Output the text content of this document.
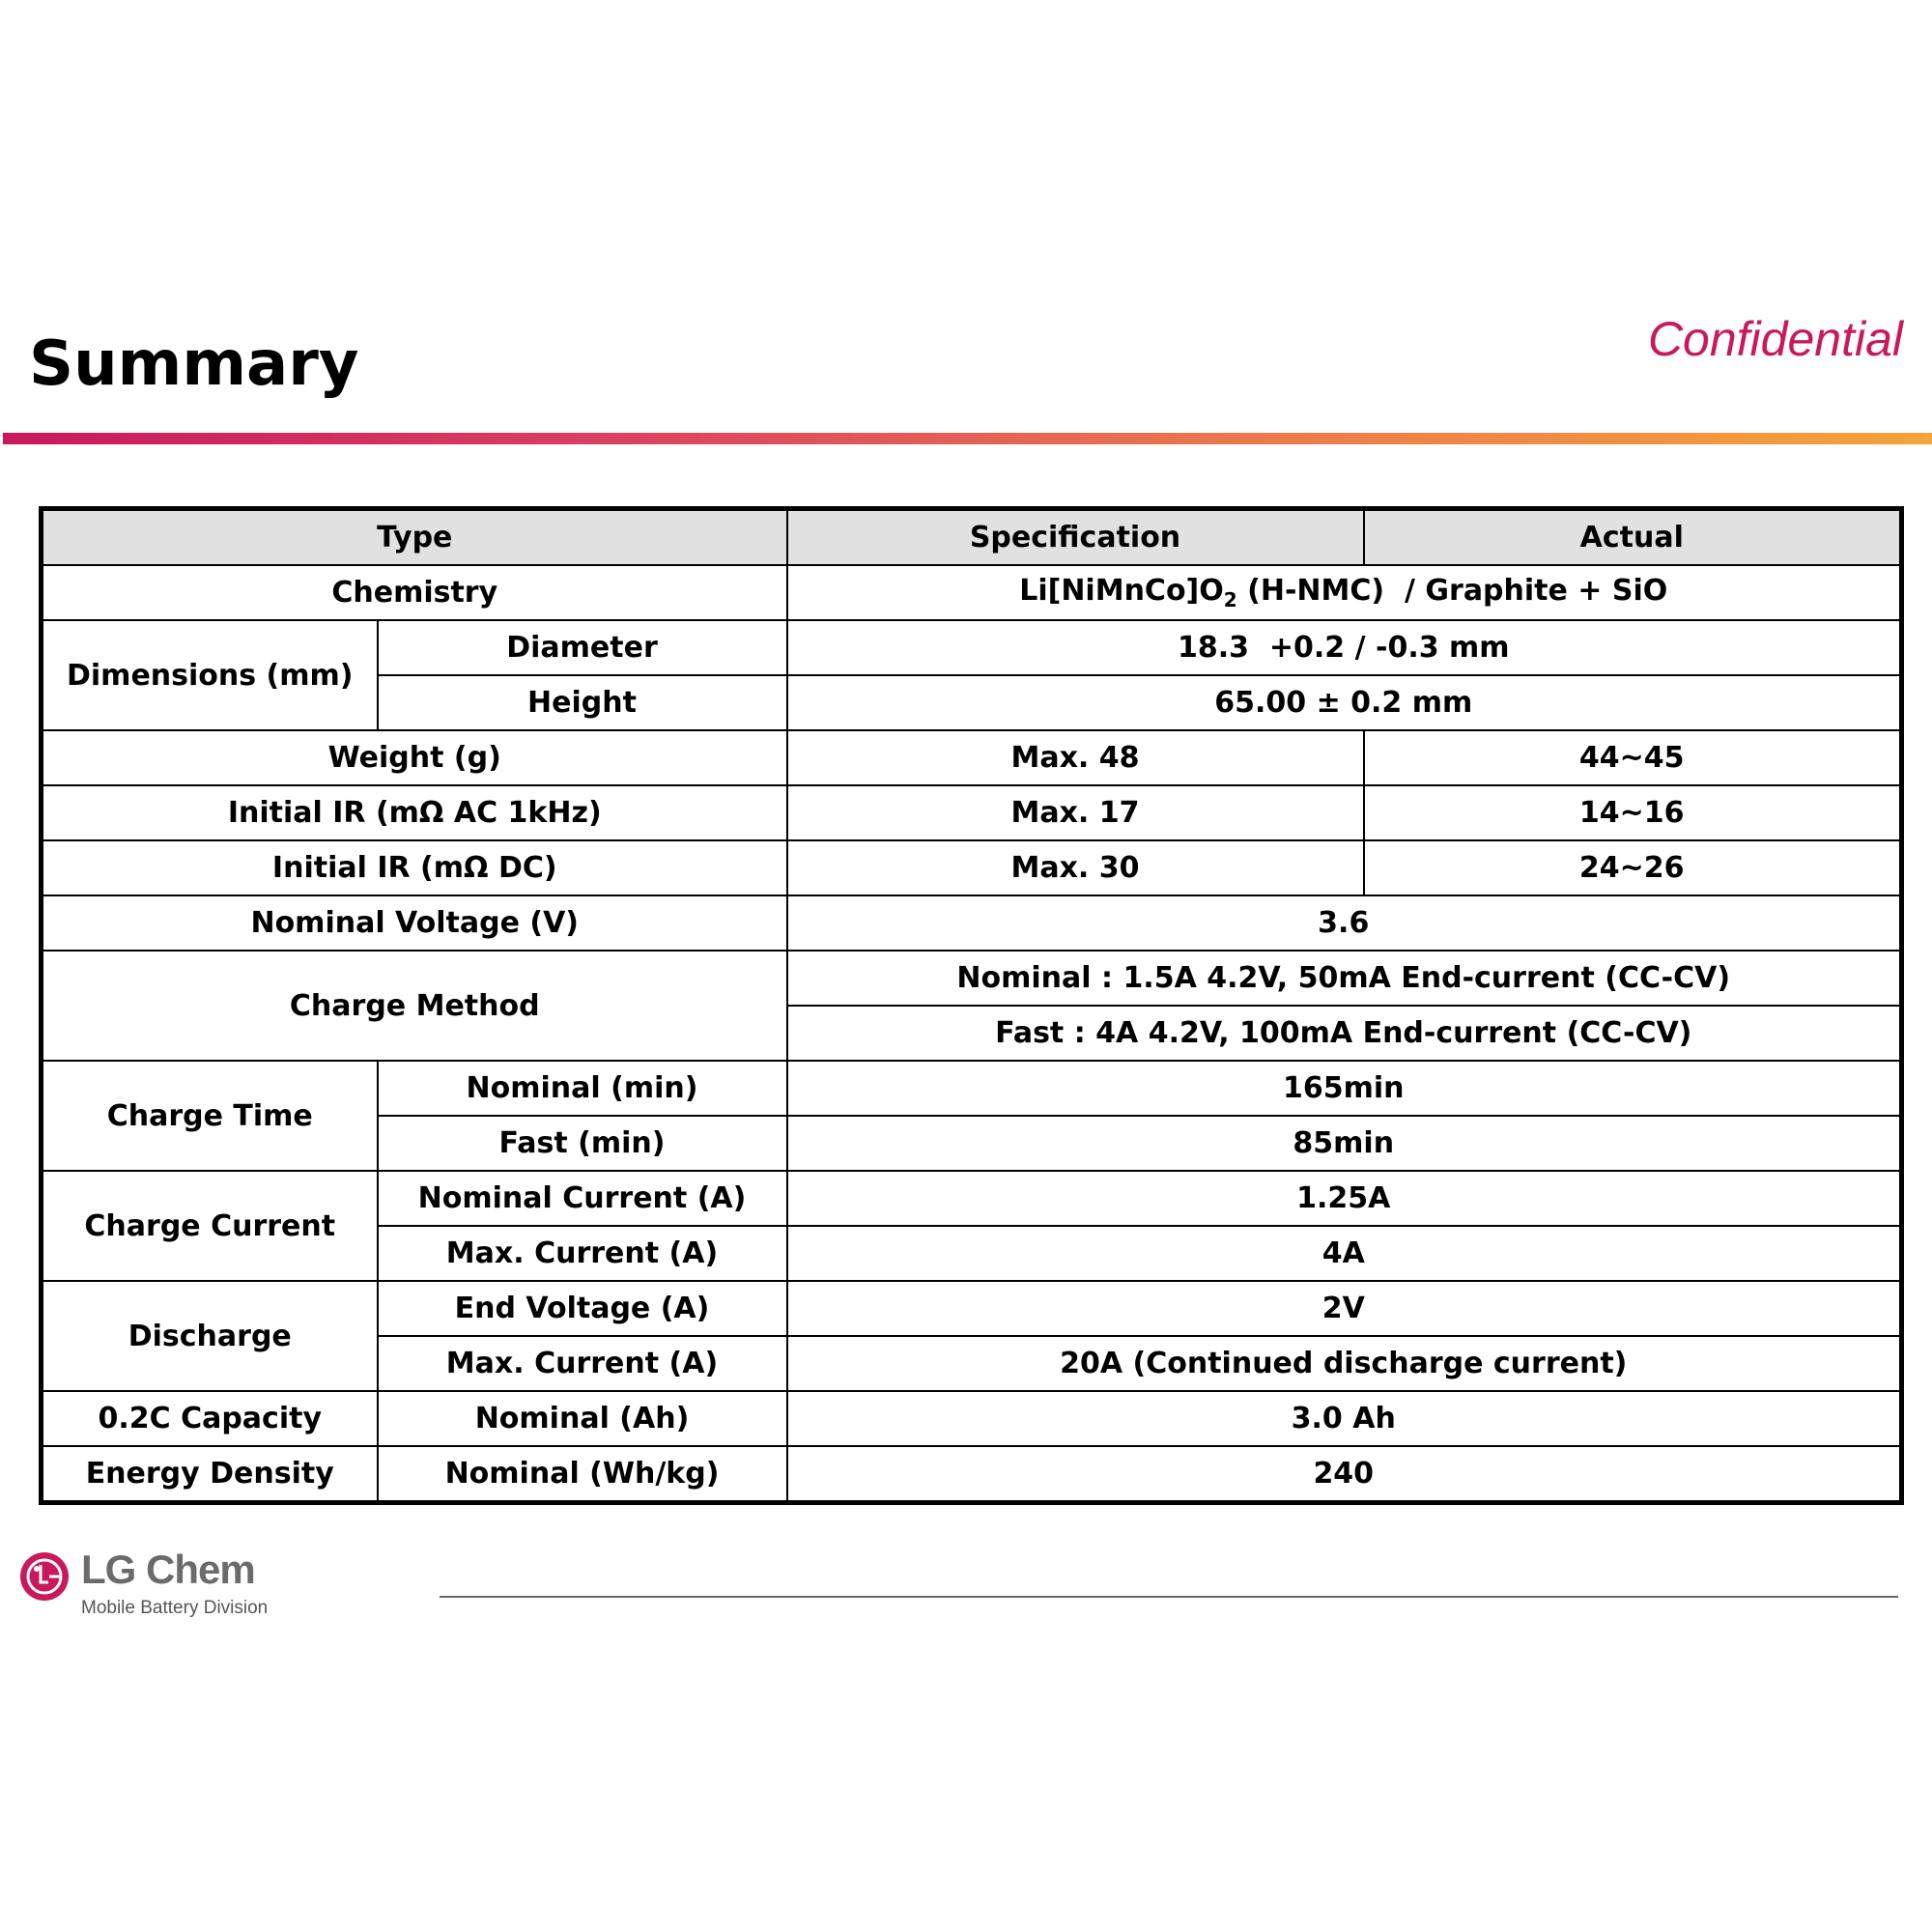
Summary	Confidential
Type		Specification	Actual
Chemistry		$Li[NiMnCo]O_2$ (H-NMC)  / Graphite + SiO	
Dimensions (mm)	Diameter	18.3  +0.2 / -0.3 mm	
	Height	65.00 ± 0.2 mm	
Weight (g)		Max. 48	44~45
Initial IR (mΩ AC 1kHz)		Max. 17	14~16
Initial IR (mΩ DC)		Max. 30	24~26
Nominal Voltage (V)		3.6	
Charge Method		Nominal : 1.5A 4.2V, 50mA End-current (CC-CV)	
		Fast : 4A 4.2V, 100mA End-current (CC-CV)	
Charge Time	Nominal (min)	165min	
	Fast (min)	85min	
Charge Current	Nominal Current (A)	1.25A	
	Max. Current (A)	4A	
Discharge	End Voltage (A)	2V	
	Max. Current (A)	20A (Continued discharge current)	
0.2C Capacity	Nominal (Ah)	3.0 Ah	
Energy Density	Nominal (Wh/kg)	240	
LG Chem
Mobile Battery Division
